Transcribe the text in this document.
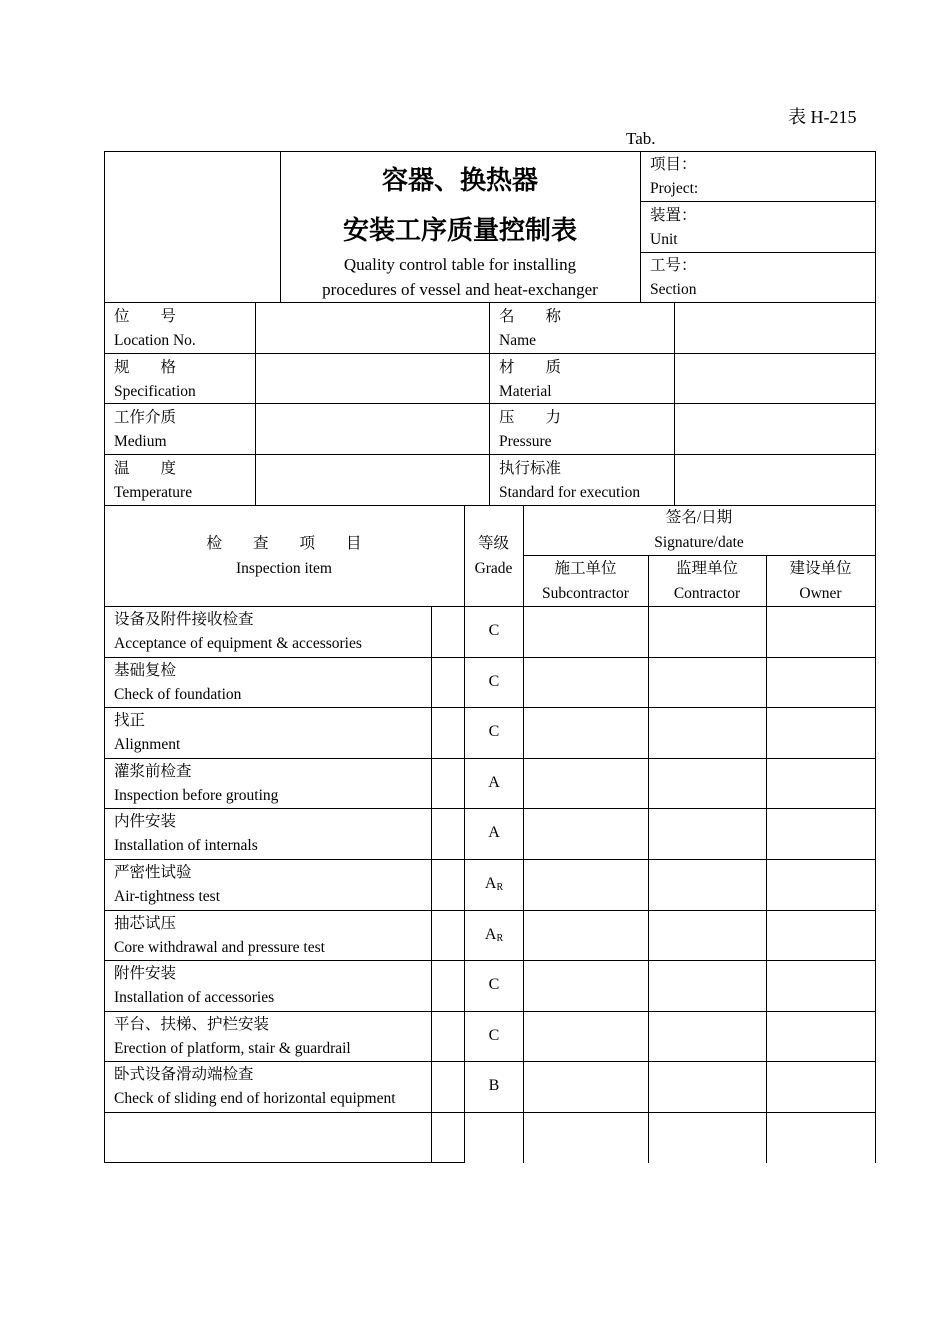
表 H-215
Tab.
容器、换热器
安装工序质量控制表
Quality control table for installing
procedures of vessel and heat-exchanger
项目：
Project:
装置：
Unit
工号：
Section
位　　号
Location No.
名　　称
Name
规　　格
Specification
材　　质
Material
工作介质
Medium
压　　力
Pressure
温　　度
Temperature
执行标准
Standard for execution
检　　查　　项　　目
Inspection item
等级
Grade
签名/日期
Signature/date
施工单位
Subcontractor
监理单位
Contractor
建设单位
Owner
设备及附件接收检查
Acceptance of equipment & accessories
C
基础复检
Check of foundation
C
找正
Alignment
C
灌浆前检查
Inspection before grouting
A
内件安装
Installation of internals
A
严密性试验
Air-tightness test
$A_R$
抽芯试压
Core withdrawal and pressure test
$A_R$
附件安装
Installation of accessories
C
平台、扶梯、护栏安装
Erection of platform, stair & guardrail
C
卧式设备滑动端检查
Check of sliding end of horizontal equipment
B
